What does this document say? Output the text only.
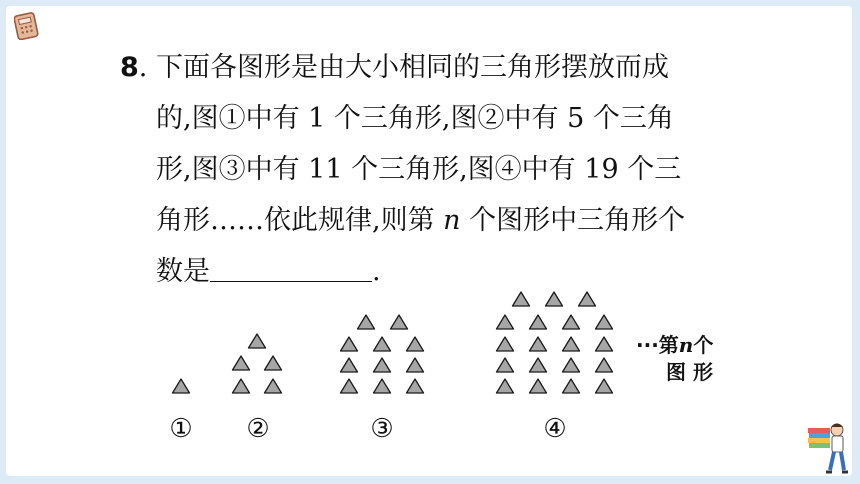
8. 下面各图形是由大小相同的三角形摆放而成
的,图①中有 1 个三角形,图②中有 5 个三角
形,图③中有 11 个三角形,图④中有 19 个三
角形……依此规律,则第 n 个图形中三角形个
数是	.
①	②	③	④
···第n个
图 形
